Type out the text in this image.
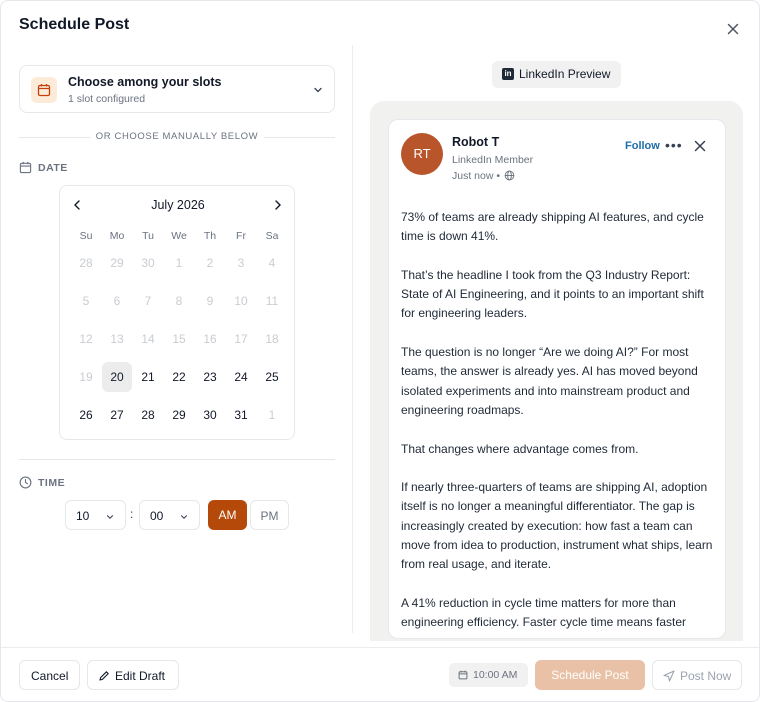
Schedule Post
Choose among your slots
1 slot configured
OR CHOOSE MANUALLY BELOW
DATE
July 2026
Su	Mo	Tu	We	Th	Fr	Sa
28	29	30	1	2	3	4
5	6	7	8	9	10	11
12	13	14	15	16	17	18
19	20	21	22	23	24	25
26	27	28	29	30	31	1
TIME
10	: 00	AM	PM
in LinkedIn Preview
RT
Robot T
LinkedIn Member
Just now •
Follow •••

73% of teams are already shipping AI features, and cycle time is down 41%.

That’s the headline I took from the Q3 Industry Report: State of AI Engineering, and it points to an important shift for engineering leaders.

The question is no longer “Are we doing AI?” For most teams, the answer is already yes. AI has moved beyond isolated experiments and into mainstream product and engineering roadmaps.

That changes where advantage comes from.

If nearly three-quarters of teams are shipping AI, adoption itself is no longer a meaningful differentiator. The gap is increasingly created by execution: how fast a team can move from idea to production, instrument what ships, learn from real usage, and iterate.

A 41% reduction in cycle time matters for more than engineering efficiency. Faster cycle time means faster

Cancel	Edit Draft	10:00 AM	Schedule Post	Post Now
